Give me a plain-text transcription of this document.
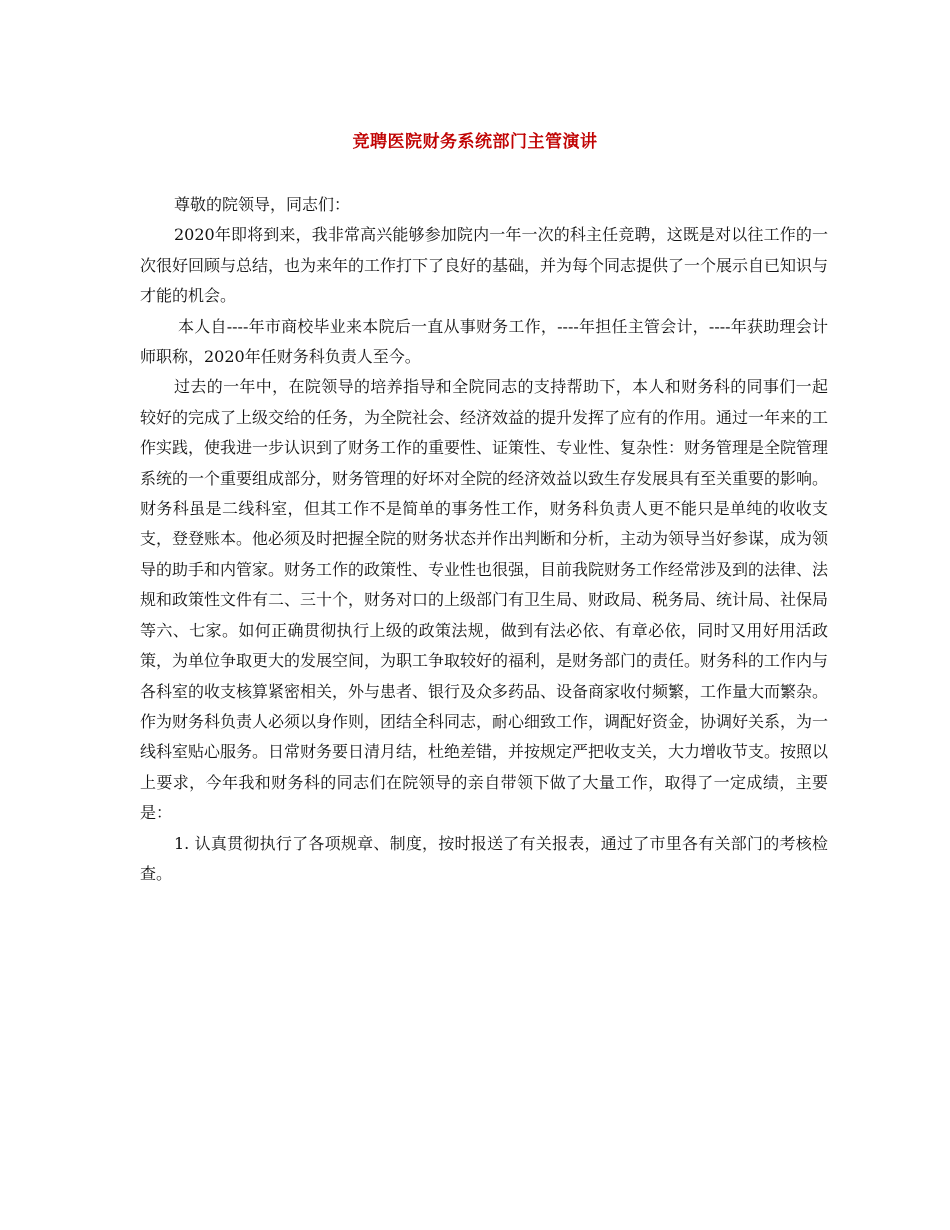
竞聘医院财务系统部门主管演讲

尊敬的院领导，同志们：

2020年即将到来，我非常高兴能够参加院内一年一次的科主任竞聘，这既是对以往工作的一次很好回顾与总结，也为来年的工作打下了良好的基础，并为每个同志提供了一个展示自已知识与才能的机会。

本人自----年市商校毕业来本院后一直从事财务工作，----年担任主管会计，----年获助理会计师职称，2020年任财务科负责人至今。

过去的一年中，在院领导的培养指导和全院同志的支持帮助下，本人和财务科的同事们一起较好的完成了上级交给的任务，为全院社会、经济效益的提升发挥了应有的作用。通过一年来的工作实践，使我进一步认识到了财务工作的重要性、证策性、专业性、复杂性：财务管理是全院管理系统的一个重要组成部分，财务管理的好坏对全院的经济效益以致生存发展具有至关重要的影响。财务科虽是二线科室，但其工作不是简单的事务性工作，财务科负责人更不能只是单纯的收收支支，登登账本。他必须及时把握全院的财务状态并作出判断和分析，主动为领导当好参谋，成为领导的助手和内管家。财务工作的政策性、专业性也很强，目前我院财务工作经常涉及到的法律、法规和政策性文件有二、三十个，财务对口的上级部门有卫生局、财政局、税务局、统计局、社保局等六、七家。如何正确贯彻执行上级的政策法规，做到有法必依、有章必依，同时又用好用活政策，为单位争取更大的发展空间，为职工争取较好的福利，是财务部门的责任。财务科的工作内与各科室的收支核算紧密相关，外与患者、银行及众多药品、设备商家收付频繁，工作量大而繁杂。作为财务科负责人必须以身作则，团结全科同志，耐心细致工作，调配好资金，协调好关系，为一线科室贴心服务。日常财务要日清月结，杜绝差错，并按规定严把收支关，大力增收节支。按照以上要求，今年我和财务科的同志们在院领导的亲自带领下做了大量工作，取得了一定成绩，主要是：

1. 认真贯彻执行了各项规章、制度，按时报送了有关报表，通过了市里各有关部门的考核检查。
